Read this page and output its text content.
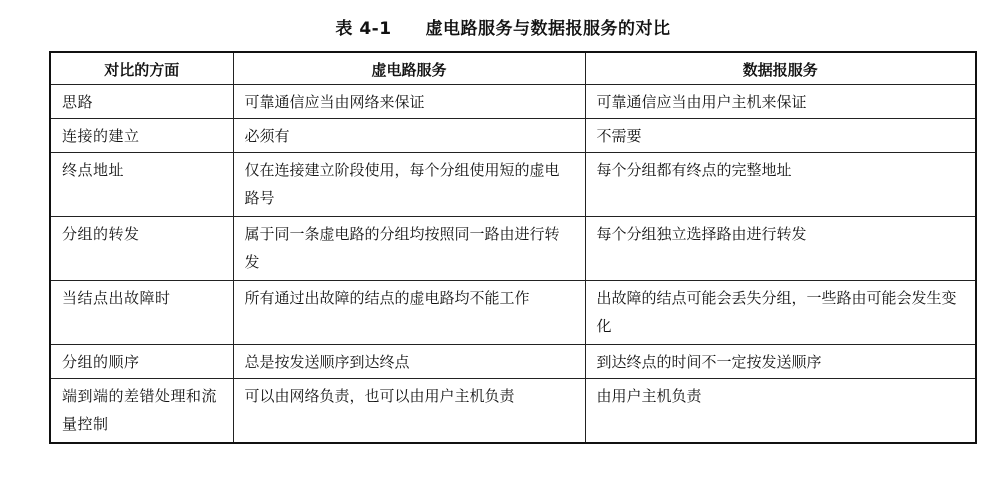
表 4-1 虚电路服务与数据报服务的对比
对比的方面	虚电路服务	数据报服务
思路	可靠通信应当由网络来保证	可靠通信应当由用户主机来保证
连接的建立	必须有	不需要
终点地址	仅在连接建立阶段使用，每个分组使用短的虚电路号	每个分组都有终点的完整地址
分组的转发	属于同一条虚电路的分组均按照同一路由进行转发	每个分组独立选择路由进行转发
当结点出故障时	所有通过出故障的结点的虚电路均不能工作	出故障的结点可能会丢失分组，一些路由可能会发生变化
分组的顺序	总是按发送顺序到达终点	到达终点的时间不一定按发送顺序
端到端的差错处理和流量控制	可以由网络负责，也可以由用户主机负责	由用户主机负责
